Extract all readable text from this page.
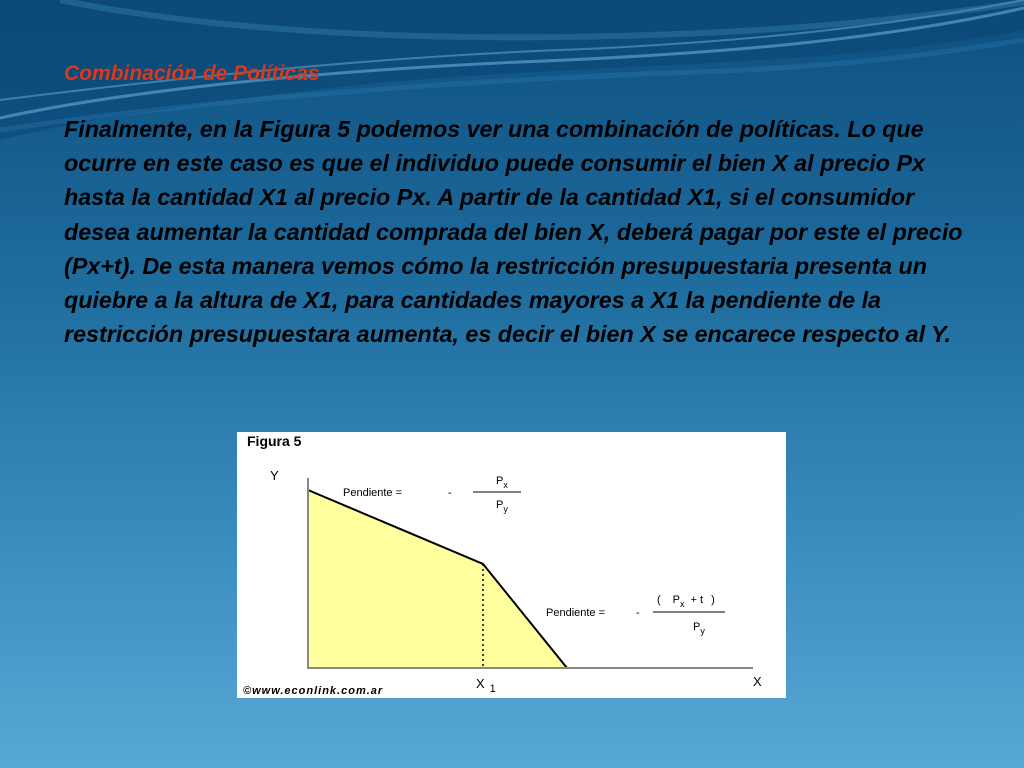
Combinación de Políticas

Finalmente, en la Figura 5 podemos ver una combinación de políticas. Lo que ocurre en este caso es que el individuo puede consumir el bien X al precio Px hasta la cantidad X1 al precio Px. A partir de la cantidad X1, si el consumidor desea aumentar la cantidad comprada del bien X, deberá pagar por este el precio (Px+t). De esta manera vemos cómo la restricción presupuestaria presenta un quiebre a la altura de X1, para cantidades mayores a X1 la pendiente de la restricción presupuestara aumenta, es decir el bien X se encarece respecto al Y.

Figura 5
Y
X
X $_1$
Pendiente =	-
$P_x$
$P_y$
Pendiente =	-
( $P_x + t$ )
$P_y$
©www.econlink.com.ar
